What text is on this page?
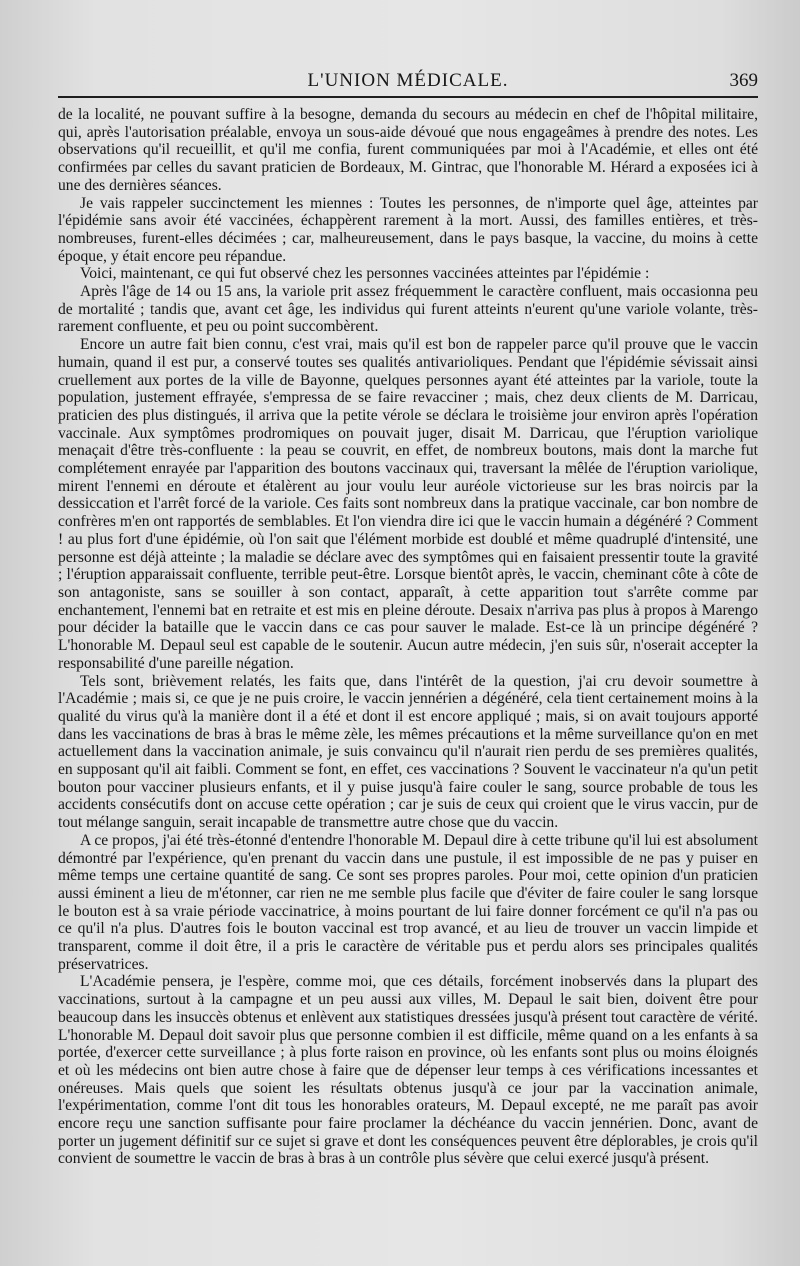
L'UNION MÉDICALE.	369

de la localité, ne pouvant suffire à la besogne, demanda du secours au médecin en chef de l'hôpital militaire, qui, après l'autorisation préalable, envoya un sous-aide dévoué que nous engageâmes à prendre des notes. Les observations qu'il recueillit, et qu'il me confia, furent communiquées par moi à l'Académie, et elles ont été confirmées par celles du savant praticien de Bordeaux, M. Gintrac, que l'honorable M. Hérard a exposées ici à une des dernières séances.

Je vais rappeler succinctement les miennes : Toutes les personnes, de n'importe quel âge, atteintes par l'épidémie sans avoir été vaccinées, échappèrent rarement à la mort. Aussi, des familles entières, et très-nombreuses, furent-elles décimées ; car, malheureusement, dans le pays basque, la vaccine, du moins à cette époque, y était encore peu répandue.

Voici, maintenant, ce qui fut observé chez les personnes vaccinées atteintes par l'épidémie :

Après l'âge de 14 ou 15 ans, la variole prit assez fréquemment le caractère confluent, mais occasionna peu de mortalité ; tandis que, avant cet âge, les individus qui furent atteints n'eurent qu'une variole volante, très-rarement confluente, et peu ou point succombèrent.

Encore un autre fait bien connu, c'est vrai, mais qu'il est bon de rappeler parce qu'il prouve que le vaccin humain, quand il est pur, a conservé toutes ses qualités antivarioliques. Pendant que l'épidémie sévissait ainsi cruellement aux portes de la ville de Bayonne, quelques personnes ayant été atteintes par la variole, toute la population, justement effrayée, s'empressa de se faire revacciner ; mais, chez deux clients de M. Darricau, praticien des plus distingués, il arriva que la petite vérole se déclara le troisième jour environ après l'opération vaccinale. Aux symptômes prodromiques on pouvait juger, disait M. Darricau, que l'éruption variolique menaçait d'être très-confluente : la peau se couvrit, en effet, de nombreux boutons, mais dont la marche fut complétement enrayée par l'apparition des boutons vaccinaux qui, traversant la mêlée de l'éruption variolique, mirent l'ennemi en déroute et étalèrent au jour voulu leur auréole victorieuse sur les bras noircis par la dessiccation et l'arrêt forcé de la variole. Ces faits sont nombreux dans la pratique vaccinale, car bon nombre de confrères m'en ont rapportés de semblables. Et l'on viendra dire ici que le vaccin humain a dégénéré ? Comment ! au plus fort d'une épidémie, où l'on sait que l'élément morbide est doublé et même quadruplé d'intensité, une personne est déjà atteinte ; la maladie se déclare avec des symptômes qui en faisaient pressentir toute la gravité ; l'éruption apparaissait confluente, terrible peut-être. Lorsque bientôt après, le vaccin, cheminant côte à côte de son antagoniste, sans se souiller à son contact, apparaît, à cette apparition tout s'arrête comme par enchantement, l'ennemi bat en retraite et est mis en pleine déroute. Desaix n'arriva pas plus à propos à Marengo pour décider la bataille que le vaccin dans ce cas pour sauver le malade. Est-ce là un principe dégénéré ? L'honorable M. Depaul seul est capable de le soutenir. Aucun autre médecin, j'en suis sûr, n'oserait accepter la responsabilité d'une pareille négation.

Tels sont, brièvement relatés, les faits que, dans l'intérêt de la question, j'ai cru devoir soumettre à l'Académie ; mais si, ce que je ne puis croire, le vaccin jennérien a dégénéré, cela tient certainement moins à la qualité du virus qu'à la manière dont il a été et dont il est encore appliqué ; mais, si on avait toujours apporté dans les vaccinations de bras à bras le même zèle, les mêmes précautions et la même surveillance qu'on en met actuellement dans la vaccination animale, je suis convaincu qu'il n'aurait rien perdu de ses premières qualités, en supposant qu'il ait faibli. Comment se font, en effet, ces vaccinations ? Souvent le vaccinateur n'a qu'un petit bouton pour vacciner plusieurs enfants, et il y puise jusqu'à faire couler le sang, source probable de tous les accidents consécutifs dont on accuse cette opération ; car je suis de ceux qui croient que le virus vaccin, pur de tout mélange sanguin, serait incapable de transmettre autre chose que du vaccin.

A ce propos, j'ai été très-étonné d'entendre l'honorable M. Depaul dire à cette tribune qu'il lui est absolument démontré par l'expérience, qu'en prenant du vaccin dans une pustule, il est impossible de ne pas y puiser en même temps une certaine quantité de sang. Ce sont ses propres paroles. Pour moi, cette opinion d'un praticien aussi éminent a lieu de m'étonner, car rien ne me semble plus facile que d'éviter de faire couler le sang lorsque le bouton est à sa vraie période vaccinatrice, à moins pourtant de lui faire donner forcément ce qu'il n'a pas ou ce qu'il n'a plus. D'autres fois le bouton vaccinal est trop avancé, et au lieu de trouver un vaccin limpide et transparent, comme il doit être, il a pris le caractère de véritable pus et perdu alors ses principales qualités préservatrices.

L'Académie pensera, je l'espère, comme moi, que ces détails, forcément inobservés dans la plupart des vaccinations, surtout à la campagne et un peu aussi aux villes, M. Depaul le sait bien, doivent être pour beaucoup dans les insuccès obtenus et enlèvent aux statistiques dressées jusqu'à présent tout caractère de vérité. L'honorable M. Depaul doit savoir plus que personne combien il est difficile, même quand on a les enfants à sa portée, d'exercer cette surveillance ; à plus forte raison en province, où les enfants sont plus ou moins éloignés et où les médecins ont bien autre chose à faire que de dépenser leur temps à ces vérifications incessantes et onéreuses. Mais quels que soient les résultats obtenus jusqu'à ce jour par la vaccination animale, l'expérimentation, comme l'ont dit tous les honorables orateurs, M. Depaul excepté, ne me paraît pas avoir encore reçu une sanction suffisante pour faire proclamer la déchéance du vaccin jennérien. Donc, avant de porter un jugement définitif sur ce sujet si grave et dont les conséquences peuvent être déplorables, je crois qu'il convient de soumettre le vaccin de bras à bras à un contrôle plus sévère que celui exercé jusqu'à présent.
